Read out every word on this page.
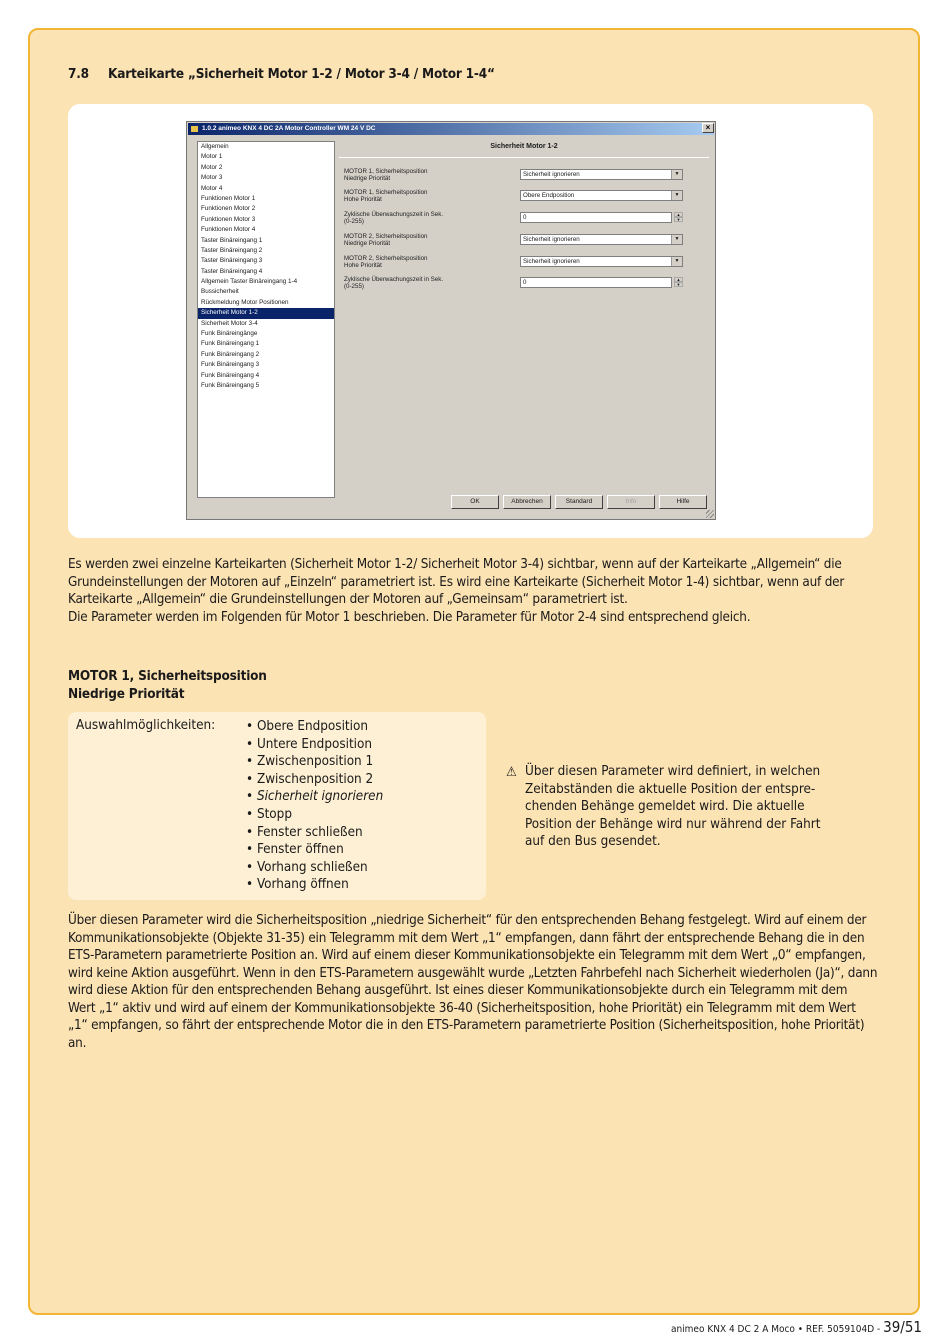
7.8 Karteikarte „Sicherheit Motor 1-2 / Motor 3-4 / Motor 1-4“
1.0.2 animeo KNX 4 DC 2A Motor Controller WM 24 V DC	×
Allgemein
Motor 1
Motor 2
Motor 3
Motor 4
Funktionen Motor 1
Funktionen Motor 2
Funktionen Motor 3
Funktionen Motor 4
Taster Binäreingang 1
Taster Binäreingang 2
Taster Binäreingang 3
Taster Binäreingang 4
Allgemein Taster Binäreingang 1-4
Bussicherheit
Rückmeldung Motor Positionen
Sicherheit Motor 1-2
Sicherheit Motor 3-4
Funk Binäreingänge
Funk Binäreingang 1
Funk Binäreingang 2
Funk Binäreingang 3
Funk Binäreingang 4
Funk Binäreingang 5
Sicherheit Motor 1-2
MOTOR 1, Sicherheitsposition
Niedrige Priorität
Sicherheit ignorieren	▼
MOTOR 1, Sicherheitsposition
Hohe Priorität
Obere Endposition	▼
Zyklische Überwachungszeit in Sek.
(0-255)
0	▲
▼
MOTOR 2, Sicherheitsposition
Niedrige Priorität
Sicherheit ignorieren	▼
MOTOR 2, Sicherheitsposition
Hohe Priorität
Sicherheit ignorieren	▼
Zyklische Überwachungszeit in Sek.
(0-255)
0	▲
▼
OK	Abbrechen	Standard	Info	Hilfe

Es werden zwei einzelne Karteikarten (Sicherheit Motor 1-2/ Sicherheit Motor 3-4) sichtbar, wenn auf der Karteikarte „Allgemein“ die Grundeinstellungen der Motoren auf „Einzeln“ parametriert ist. Es wird eine Karteikarte (Sicherheit Motor 1-4) sichtbar, wenn auf der Karteikarte „Allgemein“ die Grundeinstellungen der Motoren auf „Gemeinsam“ parametriert ist.

Die Parameter werden im Folgenden für Motor 1 beschrieben. Die Parameter für Motor 2-4 sind entsprechend gleich.

MOTOR 1, Sicherheitsposition
Niedrige Priorität
Auswahlmöglichkeiten:
•	Obere Endposition
• Untere Endposition
• Zwischenposition 1
• Zwischenposition 2
• Sicherheit ignorieren
• Stopp
• Fenster schließen
• Fenster öffnen
• Vorhang schließen
• Vorhang öffnen
⚠ Über diesen Parameter wird definiert, in welchen Zeitabständen die aktuelle Position der entspre-chenden Behänge gemeldet wird. Die aktuelle Position der Behänge wird nur während der Fahrt auf den Bus gesendet.
Über diesen Parameter wird die Sicherheitsposition „niedrige Sicherheit“ für den entsprechenden Behang festgelegt. Wird auf einem der Kommunikationsobjekte (Objekte 31-35) ein Telegramm mit dem Wert „1“ empfangen, dann fährt der entsprechende Behang die in den ETS-Parametern parametrierte Position an. Wird auf einem dieser Kommunikationsobjekte ein Telegramm mit dem Wert „0“ empfangen, wird keine Aktion ausgeführt. Wenn in den ETS-Parametern ausgewählt wurde „Letzten Fahrbefehl nach Sicherheit wiederholen (Ja)“, dann wird diese Aktion für den entsprechenden Behang ausgeführt. Ist eines dieser Kommunikationsobjekte durch ein Telegramm mit dem Wert „1“ aktiv und wird auf einem der Kommunikationsobjekte 36-40 (Sicherheitsposition, hohe Priorität) ein Telegramm mit dem Wert „1“ empfangen, so fährt der entsprechende Motor die in den ETS-Parametern parametrierte Position (Sicherheitsposition, hohe Priorität) an.
animeo KNX 4 DC 2 A Moco • REF. 5059104D - 39/51
